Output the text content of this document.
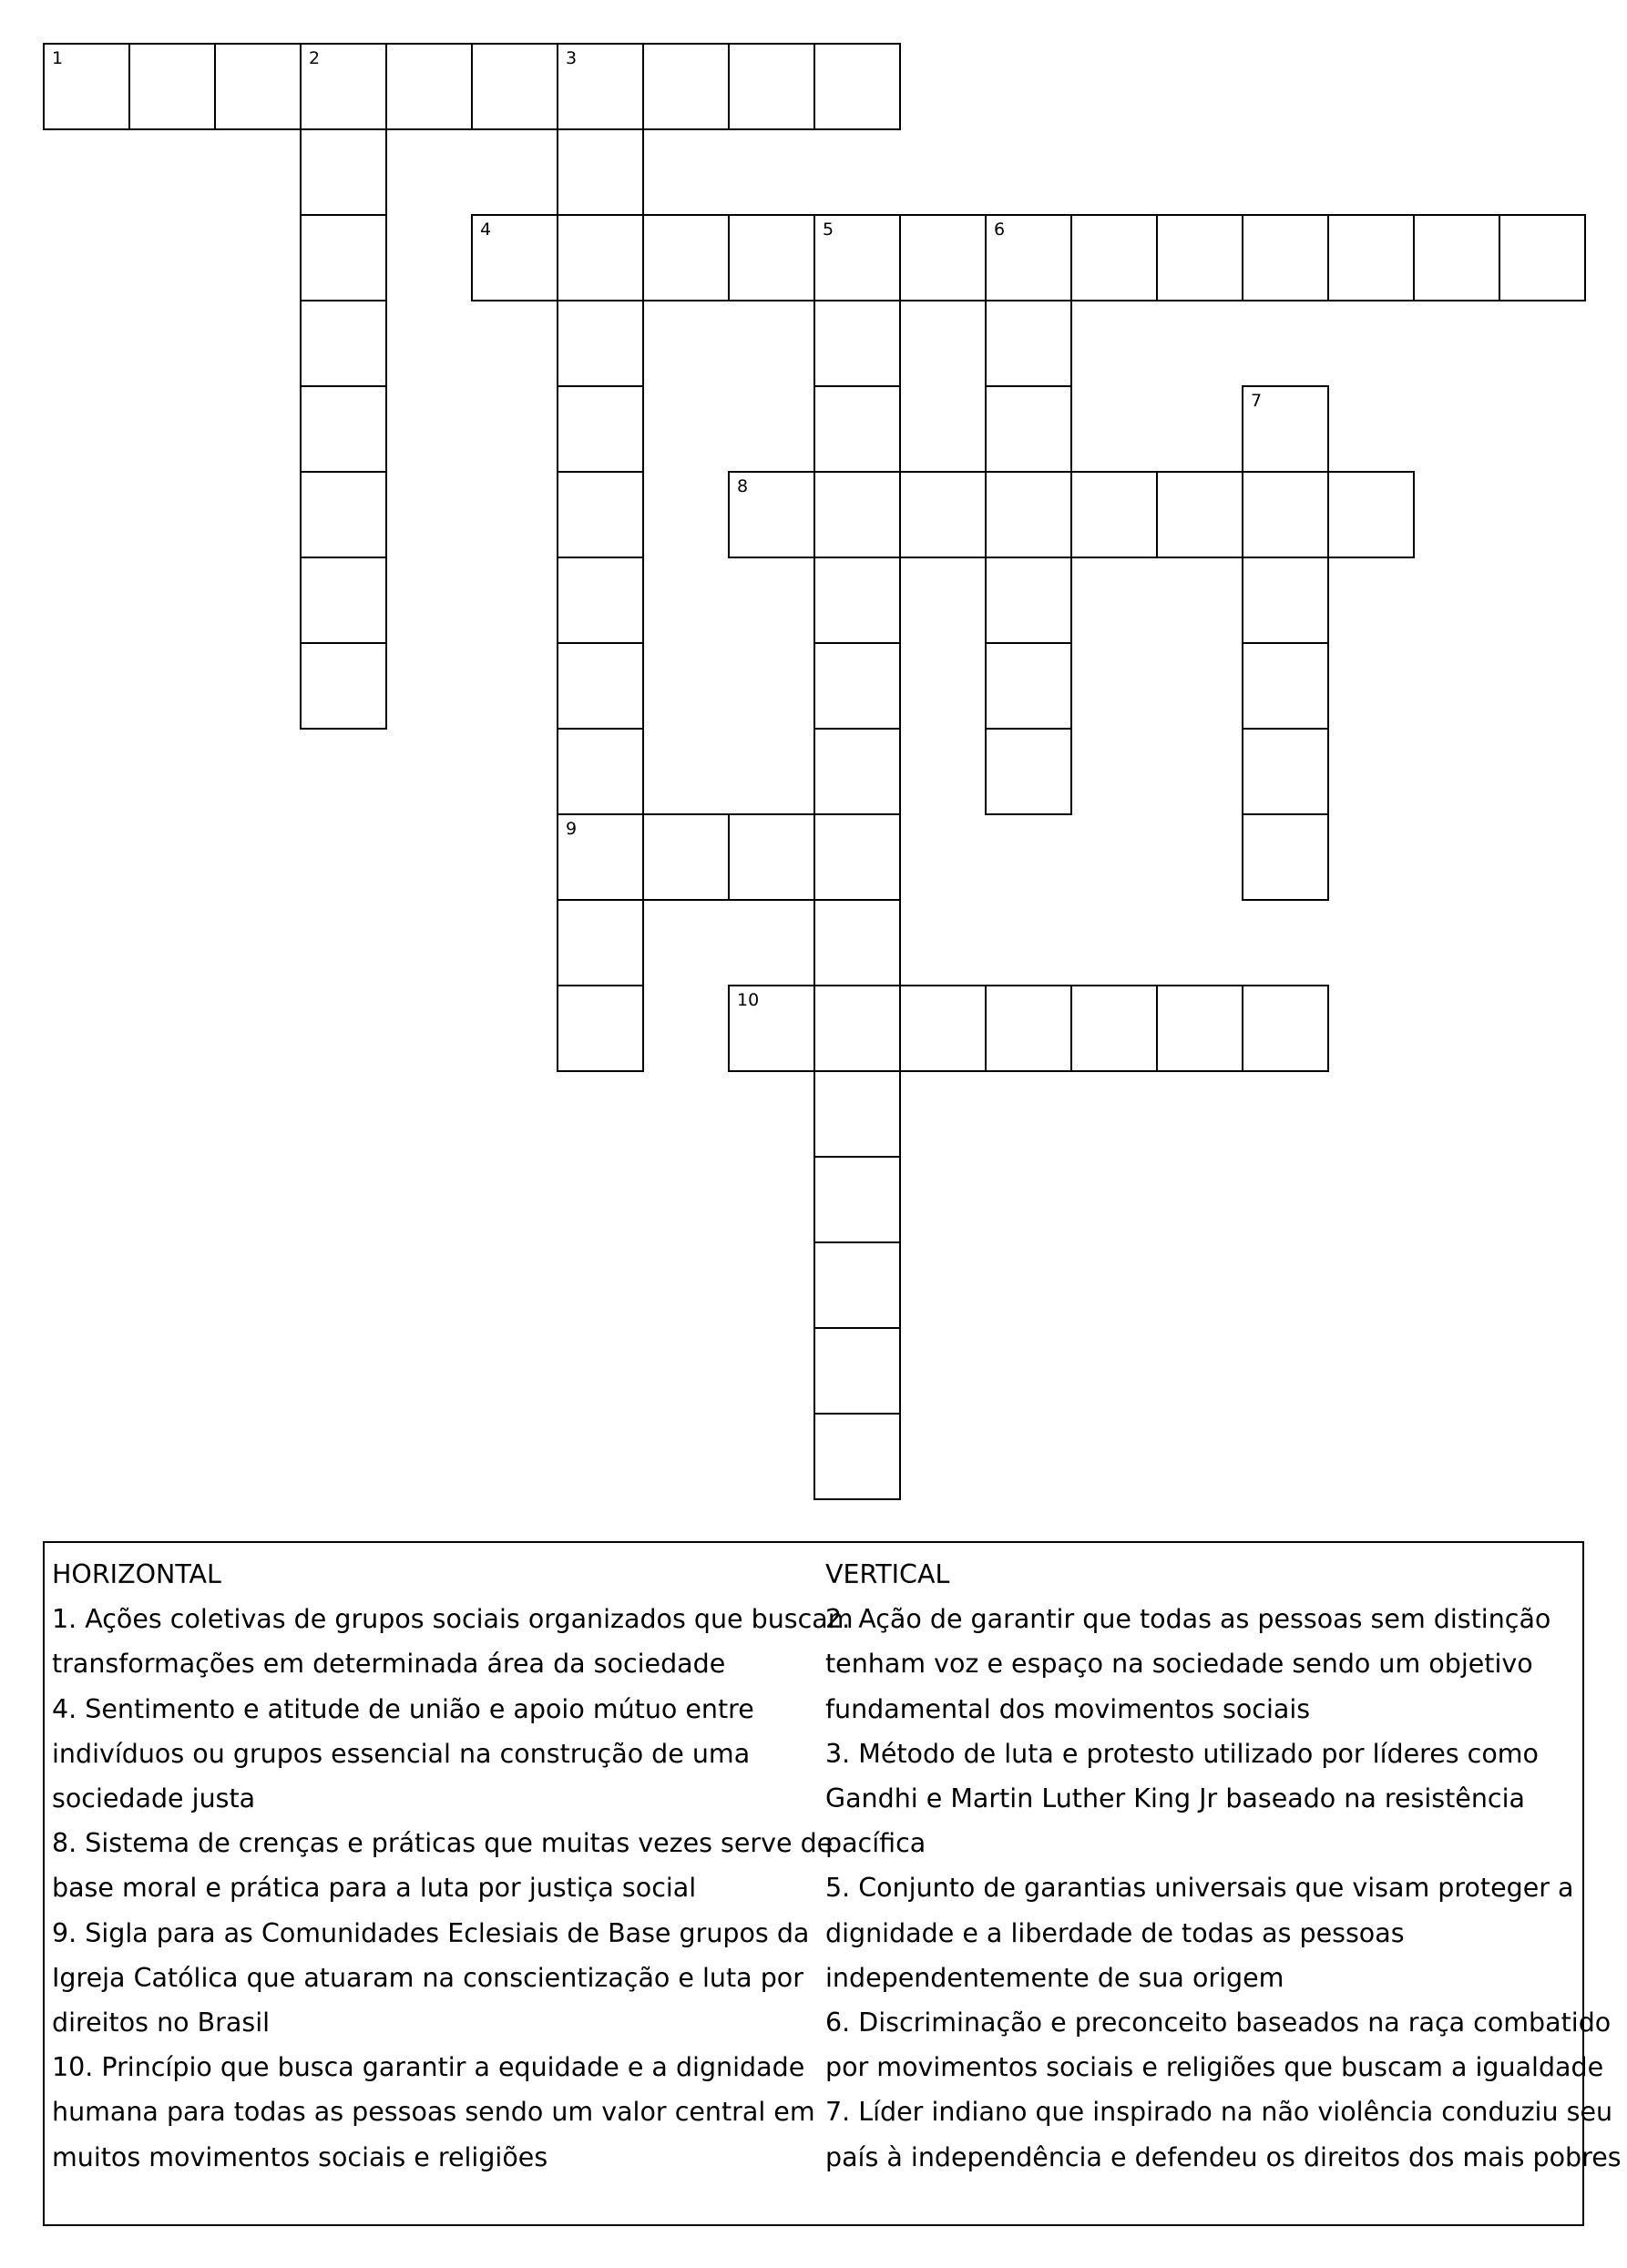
1	2	3
9
4	5	6
7
8
10
HORIZONTAL
1. Ações coletivas de grupos sociais organizados que buscam
transformações em determinada área da sociedade
4. Sentimento e atitude de união e apoio mútuo entre
indivíduos ou grupos essencial na construção de uma
sociedade justa
8. Sistema de crenças e práticas que muitas vezes serve de
base moral e prática para a luta por justiça social
9. Sigla para as Comunidades Eclesiais de Base grupos da
Igreja Católica que atuaram na conscientização e luta por
direitos no Brasil
10. Princípio que busca garantir a equidade e a dignidade
humana para todas as pessoas sendo um valor central em
muitos movimentos sociais e religiões
VERTICAL
2. Ação de garantir que todas as pessoas sem distinção
tenham voz e espaço na sociedade sendo um objetivo
fundamental dos movimentos sociais
3. Método de luta e protesto utilizado por líderes como
Gandhi e Martin Luther King Jr baseado na resistência
pacífica
5. Conjunto de garantias universais que visam proteger a
dignidade e a liberdade de todas as pessoas
independentemente de sua origem
6. Discriminação e preconceito baseados na raça combatido
por movimentos sociais e religiões que buscam a igualdade
7. Líder indiano que inspirado na não violência conduziu seu
país à independência e defendeu os direitos dos mais pobres
